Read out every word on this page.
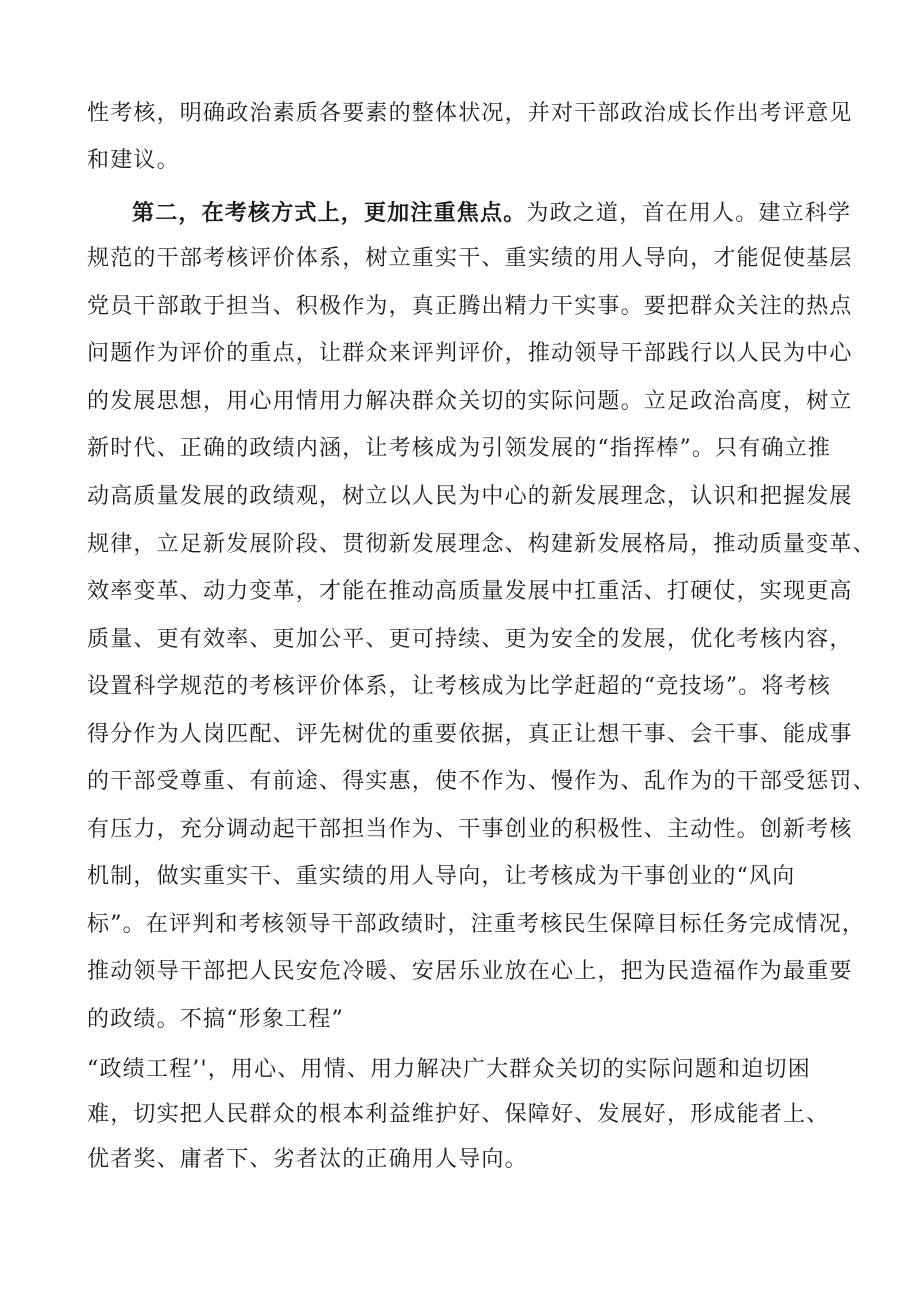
性考核，明确政治素质各要素的整体状况，并对干部政治成长作出考评意见
和建议。
第二，在考核方式上，更加注重焦点。为政之道，首在用人。建立科学
规范的干部考核评价体系，树立重实干、重实绩的用人导向，才能促使基层
党员干部敢于担当、积极作为，真正腾出精力干实事。要把群众关注的热点
问题作为评价的重点，让群众来评判评价，推动领导干部践行以人民为中心
的发展思想，用心用情用力解决群众关切的实际问题。立足政治高度，树立
新时代、正确的政绩内涵，让考核成为引领发展的“指挥棒”。只有确立推
动高质量发展的政绩观，树立以人民为中心的新发展理念，认识和把握发展
规律，立足新发展阶段、贯彻新发展理念、构建新发展格局，推动质量变革、
效率变革、动力变革，才能在推动高质量发展中扛重活、打硬仗，实现更高
质量、更有效率、更加公平、更可持续、更为安全的发展，优化考核内容，
设置科学规范的考核评价体系，让考核成为比学赶超的“竞技场”。将考核
得分作为人岗匹配、评先树优的重要依据，真正让想干事、会干事、能成事
的干部受尊重、有前途、得实惠，使不作为、慢作为、乱作为的干部受惩罚、
有压力，充分调动起干部担当作为、干事创业的积极性、主动性。创新考核
机制，做实重实干、重实绩的用人导向，让考核成为干事创业的“风向
标”。在评判和考核领导干部政绩时，注重考核民生保障目标任务完成情况，
推动领导干部把人民安危冷暖、安居乐业放在心上，把为民造福作为最重要
的政绩。不搞“形象工程”
“政绩工程’'，用心、用情、用力解决广大群众关切的实际问题和迫切困
难，切实把人民群众的根本利益维护好、保障好、发展好，形成能者上、
优者奖、庸者下、劣者汰的正确用人导向。
